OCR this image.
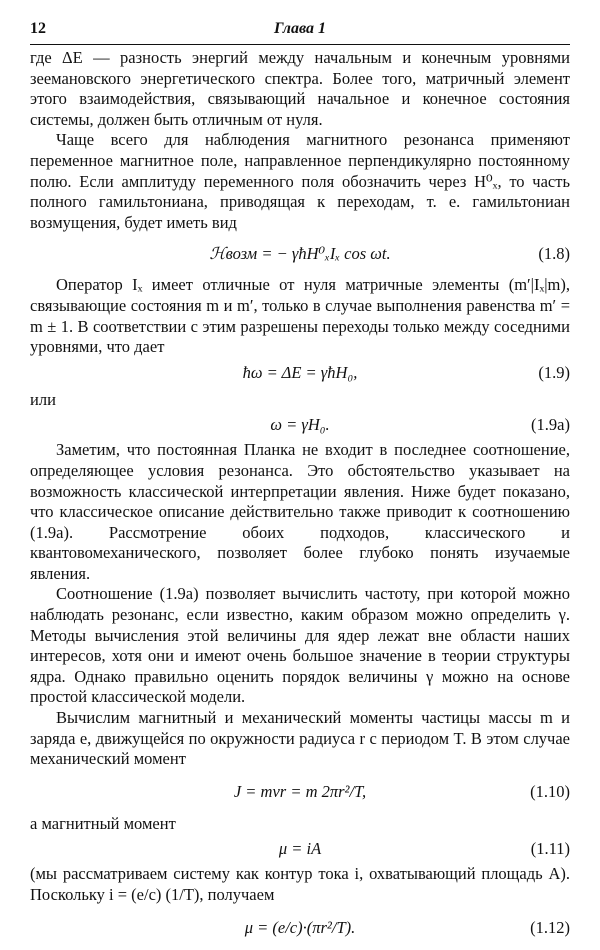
12	Глава 1

где ΔE — разность энергий между начальным и конечным уровнями зеемановского энергетического спектра. Более того, матричный элемент этого взаимодействия, связывающий начальное и конечное состояния системы, должен быть отличным от нуля.

Чаще всего для наблюдения магнитного резонанса применяют переменное магнитное поле, направленное перпендикулярно постоянному полю. Если амплитуду переменного поля обозначить через H⁰ₓ, то часть полного гамильтониана, приводящая к переходам, т. е. гамильтониан возмущения, будет иметь вид

ℋвозм = − γħH⁰ₓIₓ cos ωt.	(1.8)

Оператор Iₓ имеет отличные от нуля матричные элементы (m′|Iₓ|m), связывающие состояния m и m′, только в случае выполнения равенства m′ = m ± 1. В соответствии с этим разрешены переходы только между соседними уровнями, что дает

ħω = ΔE = γħH₀,	(1.9)

или

ω = γH₀.	(1.9а)

Заметим, что постоянная Планка не входит в последнее соотношение, определяющее условия резонанса. Это обстоятельство указывает на возможность классической интерпретации явления. Ниже будет показано, что классическое описание действительно также приводит к соотношению (1.9а). Рассмотрение обоих подходов, классического и квантовомеханического, позволяет более глубоко понять изучаемые явления.

Соотношение (1.9а) позволяет вычислить частоту, при которой можно наблюдать резонанс, если известно, каким образом можно определить γ. Методы вычисления этой величины для ядер лежат вне области наших интересов, хотя они и имеют очень большое значение в теории структуры ядра. Однако правильно оценить порядок величины γ можно на основе простой классической модели.

Вычислим магнитный и механический моменты частицы массы m и заряда e, движущейся по окружности радиуса r с периодом T. В этом случае механический момент

J = mvr = m 2πr²/T,	(1.10)

а магнитный момент

μ = iA	(1.11)

(мы рассматриваем систему как контур тока i, охватывающий площадь A). Поскольку i = (e/c) (1/T), получаем

μ = (e/c)·(πr²/T).	(1.12)
